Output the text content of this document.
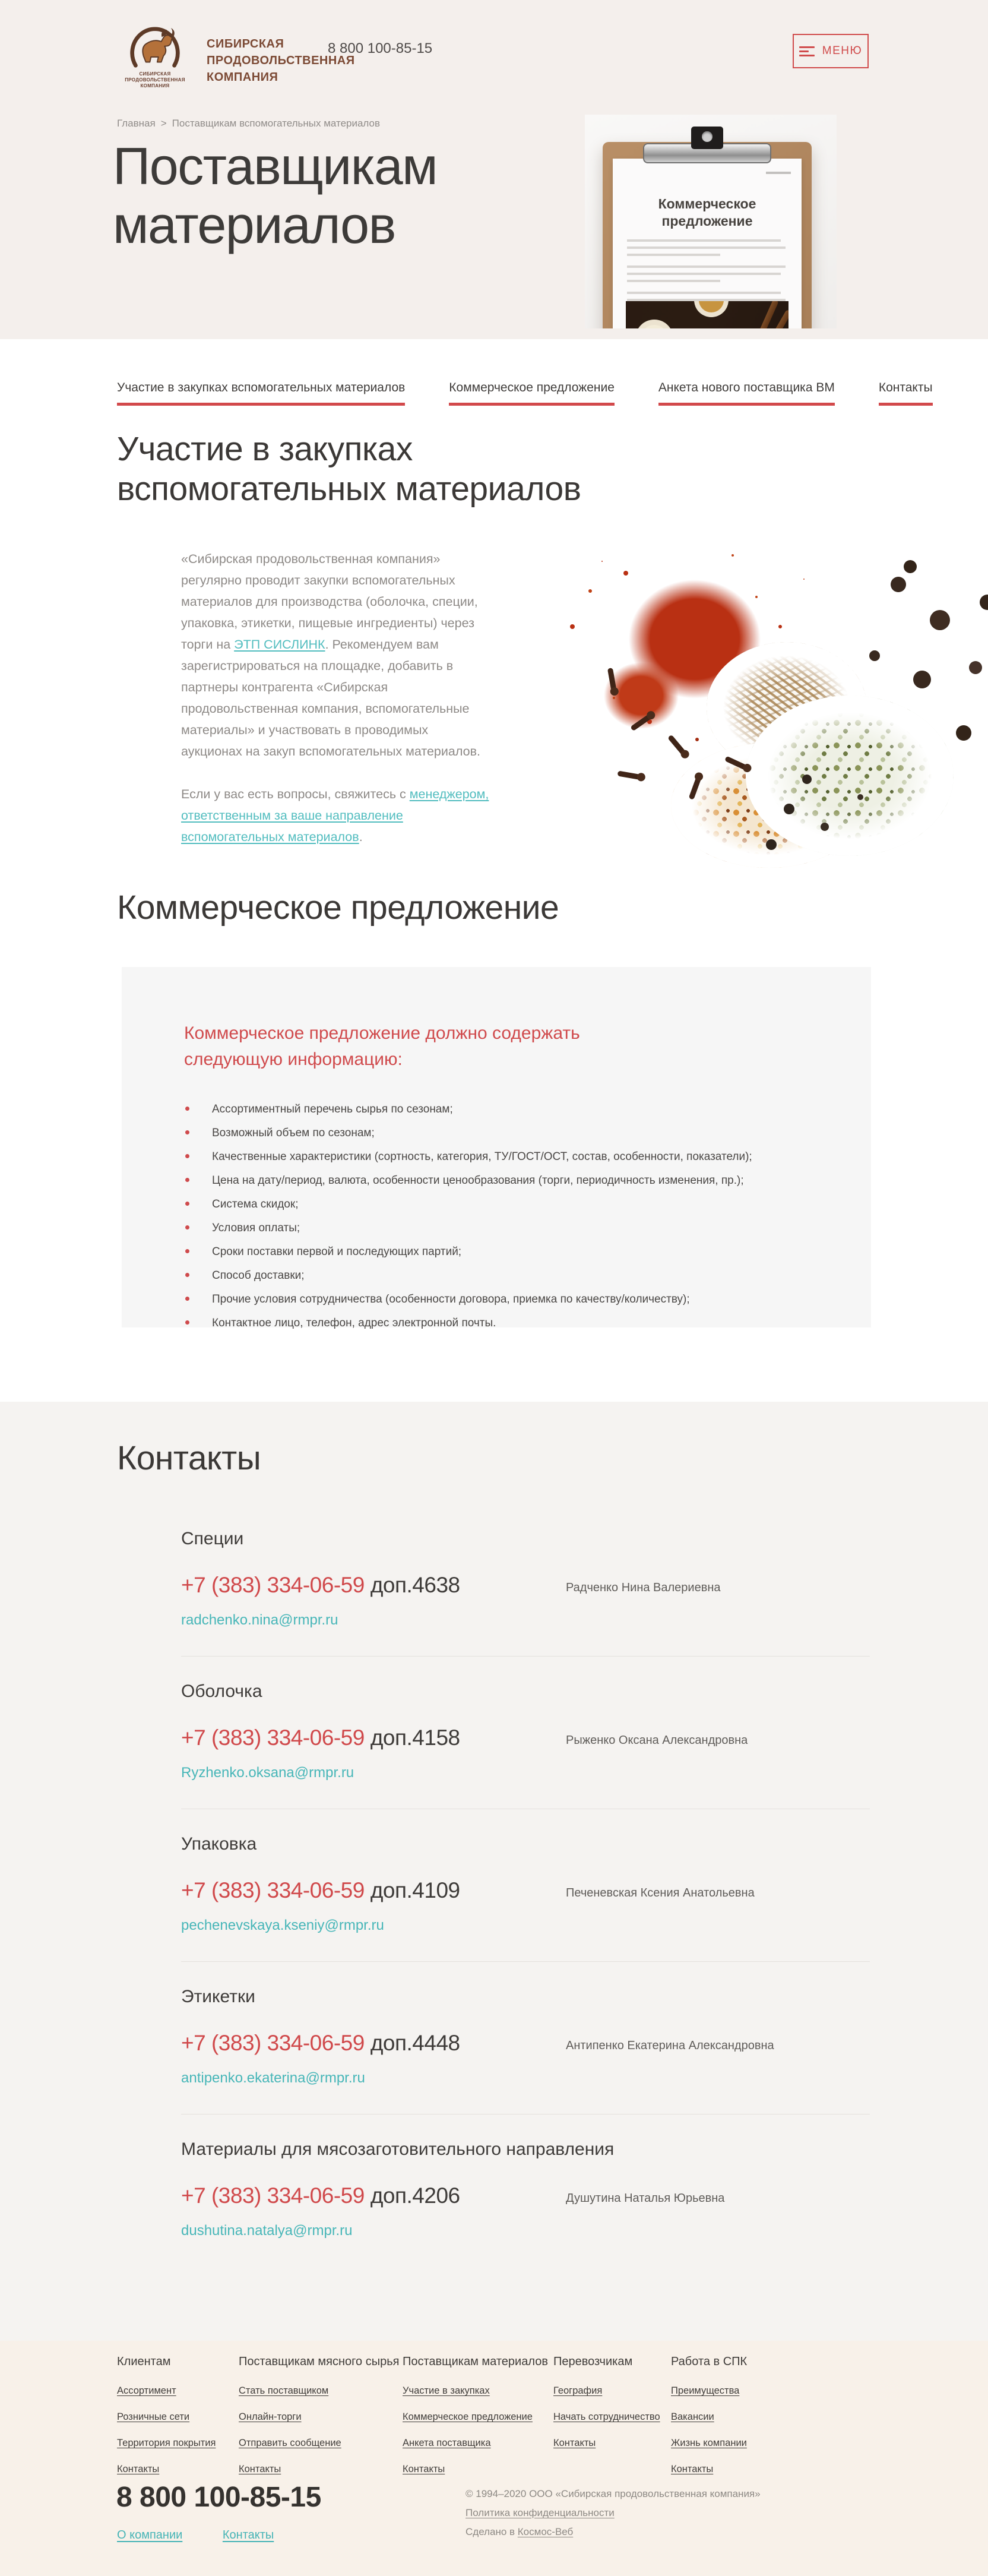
СИБИРСКАЯ
ПРОДОВОЛЬСТВЕННАЯ
КОМПАНИЯ
СИБИРСКАЯ
ПРОДОВОЛЬСТВЕННАЯ
КОМПАНИЯ
8 800 100-85-15	МЕНЮ
Главная > Поставщикам вспомогательных материалов
Поставщикам материалов	Коммерческое предложение
Участие в закупках вспомогательных материалов	Коммерческое предложение	Анкета нового поставщика ВМ	Контакты
Участие в закупках вспомогательных материалов

«Сибирская продовольственная компания» регулярно проводит закупки вспомогательных материалов для производства (оболочка, специи, упаковка, этикетки, пищевые ингредиенты) через торги на ЭТП СИСЛИНК. Рекомендуем вам зарегистрироваться на площадке, добавить в партнеры контрагента «Сибирская продовольственная компания, вспомогательные материалы» и участвовать в проводимых аукционах на закуп вспомогательных материалов.

Если у вас есть вопросы, свяжитесь с менеджером, ответственным за ваше направление вспомогательных материалов.

Коммерческое предложение
Коммерческое предложение должно содержать следующую информацию:
Ассортиментный перечень сырья по сезонам;
Возможный объем по сезонам;
Качественные характеристики (сортность, категория, ТУ/ГОСТ/ОСТ, состав, особенности, показатели);
Цена на дату/период, валюта, особенности ценообразования (торги, периодичность изменения, пр.);
Система скидок;
Условия оплаты;
Сроки поставки первой и последующих партий;
Способ доставки;
Прочие условия сотрудничества (особенности договора, приемка по качеству/количеству);
Контактное лицо, телефон, адрес электронной почты.
Контакты
Специи
+7 (383) 334-06-59 доп.4638
radchenko.nina@rmpr.ru
Радченко Нина Валериевна
Оболочка
+7 (383) 334-06-59 доп.4158
Ryzhenko.oksana@rmpr.ru
Рыженко Оксана Александровна
Упаковка
+7 (383) 334-06-59 доп.4109
pechenevskaya.kseniy@rmpr.ru
Печеневская Ксения Анатольевна
Этикетки
+7 (383) 334-06-59 доп.4448
antipenko.ekaterina@rmpr.ru
Антипенко Екатерина Александровна
Материалы для мясозаготовительного направления
+7 (383) 334-06-59 доп.4206
dushutina.natalya@rmpr.ru
Душутина Наталья Юрьевна
Клиентам
Ассортимент
Розничные сети
Территория покрытия
Контакты
Поставщикам мясного сырья
Стать поставщиком
Онлайн-торги
Отправить сообщение
Контакты
Поставщикам материалов
Участие в закупках
Коммерческое предложение
Анкета поставщика
Контакты
Перевозчикам
География
Начать сотрудничество
Контакты
Работа в СПК
Преимущества
Вакансии
Жизнь компании
Контакты
8 800 100-85-15
О компании	Контакты
© 1994–2020 ООО «Сибирская продовольственная компания»
Политика конфиденциальности
Сделано в Космос-Веб
